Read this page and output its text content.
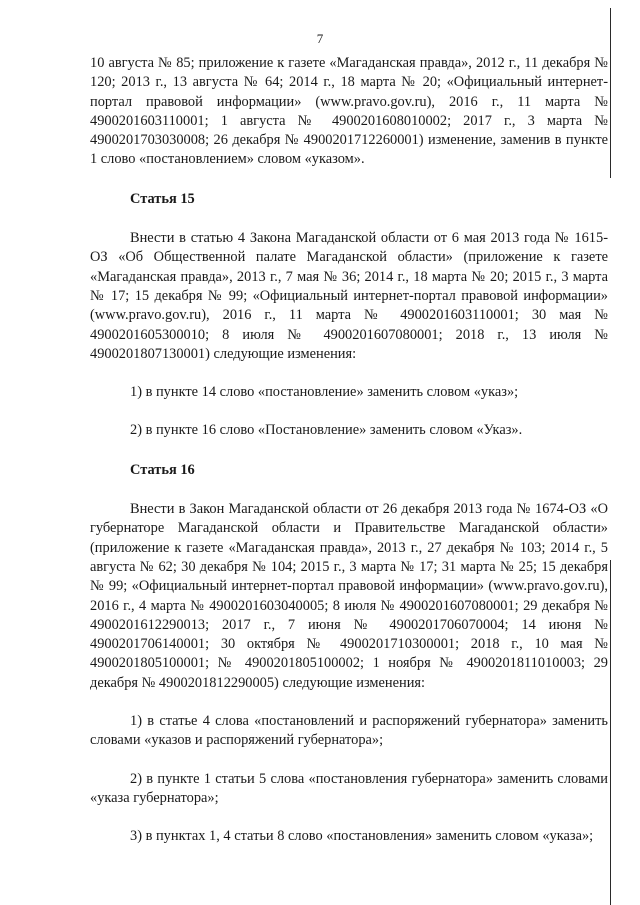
7

10 августа № 85; приложение к газете «Магаданская правда», 2012 г., 11 декабря № 120; 2013 г., 13 августа № 64; 2014 г., 18 марта № 20; «Официальный интернет-портал правовой информации» (www.pravo.gov.ru), 2016 г., 11 марта № 4900201603110001; 1 августа № 4900201608010002; 2017 г., 3 марта № 4900201703030008; 26 декабря № 4900201712260001) изменение, заменив в пункте 1 слово «постановлением» словом «указом».

Статья 15

Внести в статью 4 Закона Магаданской области от 6 мая 2013 года № 1615-ОЗ «Об Общественной палате Магаданской области» (приложение к газете «Магаданская правда», 2013 г., 7 мая № 36; 2014 г., 18 марта № 20; 2015 г., 3 марта № 17; 15 декабря № 99; «Официальный интернет-портал правовой информации» (www.pravo.gov.ru), 2016 г., 11 марта № 4900201603110001; 30 мая № 4900201605300010; 8 июля № 4900201607080001; 2018 г., 13 июля № 4900201807130001) следующие изменения:

1) в пункте 14 слово «постановление» заменить словом «указ»;

2) в пункте 16 слово «Постановление» заменить словом «Указ».

Статья 16

Внести в Закон Магаданской области от 26 декабря 2013 года № 1674-ОЗ «О губернаторе Магаданской области и Правительстве Магаданской области» (приложение к газете «Магаданская правда», 2013 г., 27 декабря № 103; 2014 г., 5 августа № 62; 30 декабря № 104; 2015 г., 3 марта № 17; 31 марта № 25; 15 декабря № 99; «Официальный интернет-портал правовой информации» (www.pravo.gov.ru), 2016 г., 4 марта № 4900201603040005; 8 июля № 4900201607080001; 29 декабря № 4900201612290013; 2017 г., 7 июня № 4900201706070004; 14 июня № 4900201706140001; 30 октября № 4900201710300001; 2018 г., 10 мая № 4900201805100001; № 4900201805100002; 1 ноября № 4900201811010003; 29 декабря № 4900201812290005) следующие изменения:

1) в статье 4 слова «постановлений и распоряжений губернатора» заменить словами «указов и распоряжений губернатора»;

2) в пункте 1 статьи 5 слова «постановления губернатора» заменить словами «указа губернатора»;

3) в пунктах 1, 4 статьи 8 слово «постановления» заменить словом «указа»;
